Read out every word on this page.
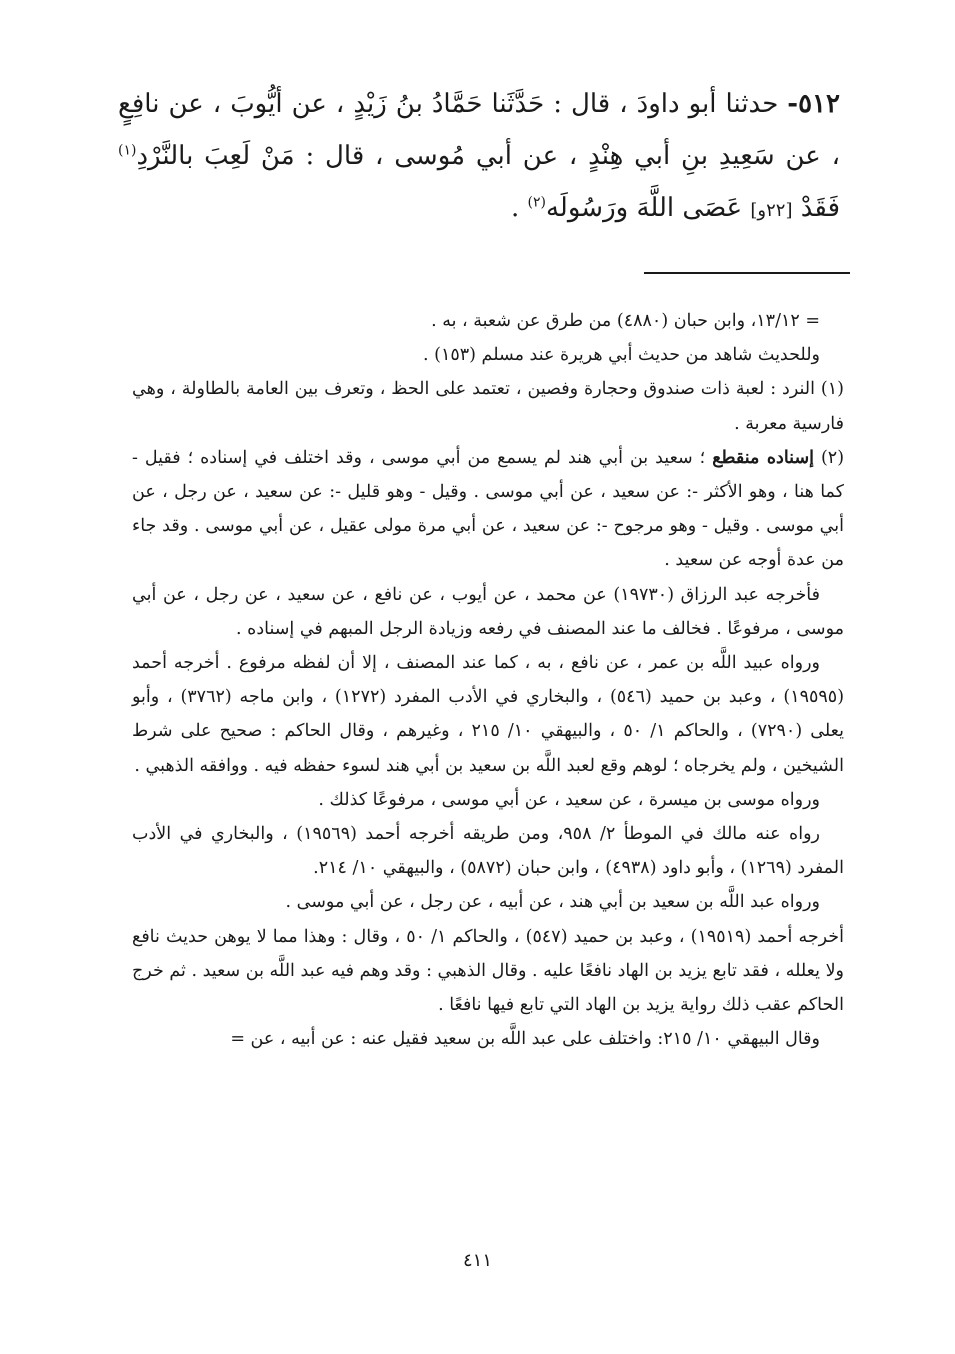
٥١٢- حدثنا أبو داودَ ، قال : حَدَّثَنا حَمَّادُ بنُ زَيْدٍ ، عن أيُّوبَ ، عن نافِعٍ ، عن سَعِيدِ بنِ أبي هِنْدٍ ، عن أبي مُوسى ، قال : مَنْ لَعِبَ بالنَّرْدِ$^{(١)}$ فَقَدْ [٢٢و] عَصَى اللَّهَ ورَسُولَه$^{(٢)}$ .

= ١٣/١٢، وابن حبان (٤٨٨٠) من طرق عن شعبة ، به .

وللحديث شاهد من حديث أبي هريرة عند مسلم (١٥٣) .

(١) النرد : لعبة ذات صندوق وحجارة وفصين ، تعتمد على الحظ ، وتعرف بين العامة بالطاولة ، وهي فارسية معربة .

(٢) إسناده منقطع ؛ سعيد بن أبي هند لم يسمع من أبي موسى ، وقد اختلف في إسناده ؛ فقيل - كما هنا ، وهو الأكثر -: عن سعيد ، عن أبي موسى . وقيل - وهو قليل -: عن سعيد ، عن رجل ، عن أبي موسى . وقيل - وهو مرجوح -: عن سعيد ، عن أبي مرة مولى عقيل ، عن أبي موسى . وقد جاء من عدة أوجه عن سعيد .

فأخرجه عبد الرزاق (١٩٧٣٠) عن محمد ، عن أيوب ، عن نافع ، عن سعيد ، عن رجل ، عن أبي موسى ، مرفوعًا . فخالف ما عند المصنف في رفعه وزيادة الرجل المبهم في إسناده .

ورواه عبيد اللَّه بن عمر ، عن نافع ، به ، كما عند المصنف ، إلا أن لفظه مرفوع . أخرجه أحمد (١٩٥٩٥) ، وعبد بن حميد (٥٤٦) ، والبخاري في الأدب المفرد (١٢٧٢) ، وابن ماجه (٣٧٦٢) ، وأبو يعلى (٧٢٩٠) ، والحاكم ١/ ٥٠ ، والبيهقي ١٠/ ٢١٥ ، وغيرهم ، وقال الحاكم : صحيح على شرط الشيخين ، ولم يخرجاه ؛ لوهم وقع لعبد اللَّه بن سعيد بن أبي هند لسوء حفظه فيه . ووافقه الذهبي .

ورواه موسى بن ميسرة ، عن سعيد ، عن أبي موسى ، مرفوعًا كذلك .

رواه عنه مالك في الموطأ ٢/ ٩٥٨، ومن طريقه أخرجه أحمد (١٩٥٦٩) ، والبخاري في الأدب المفرد (١٢٦٩) ، وأبو داود (٤٩٣٨) ، وابن حبان (٥٨٧٢) ، والبيهقي ١٠/ ٢١٤.

ورواه عبد اللَّه بن سعيد بن أبي هند ، عن أبيه ، عن رجل ، عن أبي موسى .

أخرجه أحمد (١٩٥١٩) ، وعبد بن حميد (٥٤٧) ، والحاكم ١/ ٥٠ ، وقال : وهذا مما لا يوهن حديث نافع ولا يعلله ، فقد تابع يزيد بن الهاد نافعًا عليه . وقال الذهبي : وقد وهم فيه عبد اللَّه بن سعيد . ثم خرج الحاكم عقب ذلك رواية يزيد بن الهاد التي تابع فيها نافعًا .

وقال البيهقي ١٠/ ٢١٥: واختلف على عبد اللَّه بن سعيد فقيل عنه : عن أبيه ، عن =

٤١١
